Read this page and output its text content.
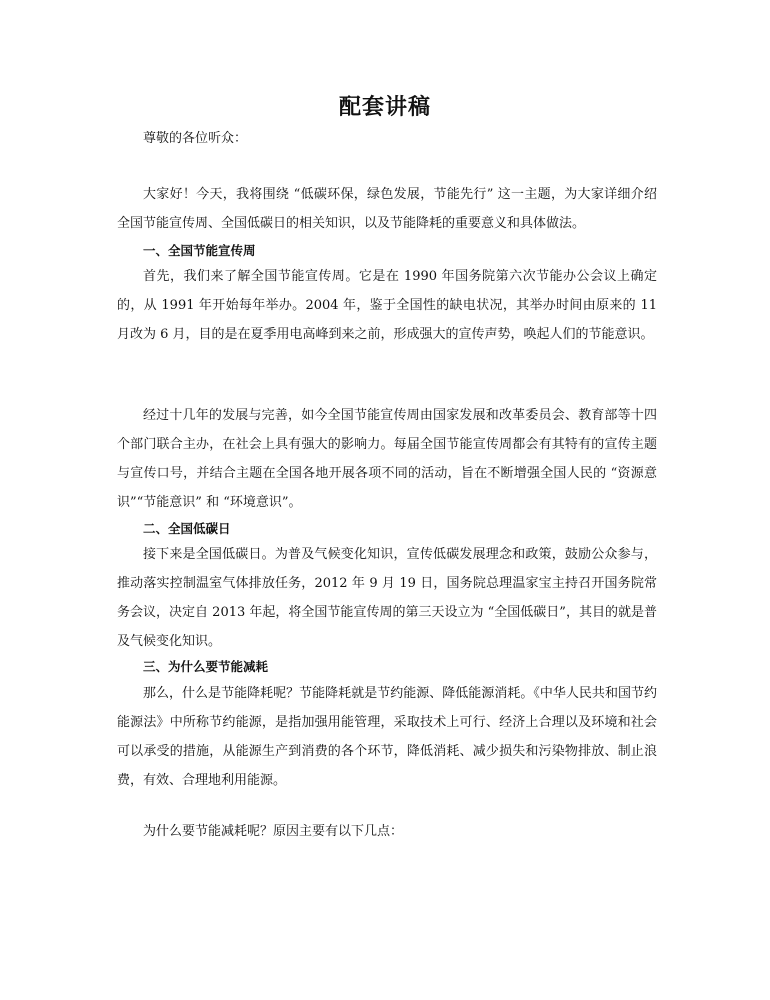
配套讲稿

尊敬的各位听众：

大家好！今天，我将围绕 “低碳环保，绿色发展，节能先行” 这一主题，为大家详细介绍全国节能宣传周、全国低碳日的相关知识，以及节能降耗的重要意义和具体做法。

一、全国节能宣传周

首先，我们来了解全国节能宣传周。它是在 1990 年国务院第六次节能办公会议上确定的，从 1991 年开始每年举办。2004 年，鉴于全国性的缺电状况，其举办时间由原来的 11 月改为 6 月，目的是在夏季用电高峰到来之前，形成强大的宣传声势，唤起人们的节能意识。

经过十几年的发展与完善，如今全国节能宣传周由国家发展和改革委员会、教育部等十四个部门联合主办，在社会上具有强大的影响力。每届全国节能宣传周都会有其特有的宣传主题与宣传口号，并结合主题在全国各地开展各项不同的活动，旨在不断增强全国人民的 “资源意识”“节能意识” 和 “环境意识”。

二、全国低碳日

接下来是全国低碳日。为普及气候变化知识，宣传低碳发展理念和政策，鼓励公众参与，推动落实控制温室气体排放任务，2012 年 9 月 19 日，国务院总理温家宝主持召开国务院常务会议，决定自 2013 年起，将全国节能宣传周的第三天设立为 “全国低碳日”，其目的就是普及气候变化知识。

三、为什么要节能减耗

那么，什么是节能降耗呢？节能降耗就是节约能源、降低能源消耗。《中华人民共和国节约能源法》中所称节约能源，是指加强用能管理，采取技术上可行、经济上合理以及环境和社会可以承受的措施，从能源生产到消费的各个环节，降低消耗、减少损失和污染物排放、制止浪费，有效、合理地利用能源。

为什么要节能减耗呢？原因主要有以下几点：
